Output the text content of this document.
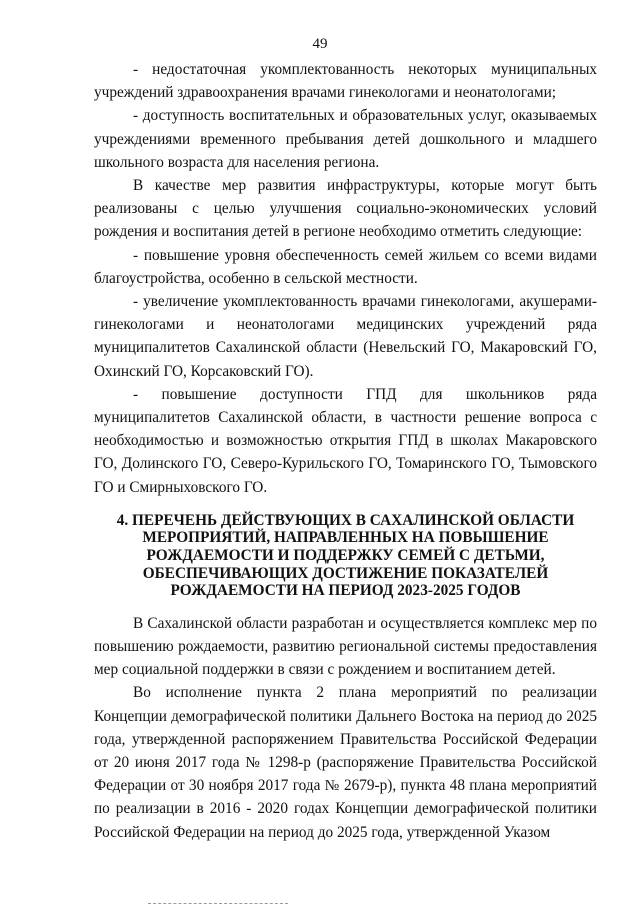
49

- недостаточная укомплектованность некоторых муниципальных учреждений здравоохранения врачами гинекологами и неонатологами;

- доступность воспитательных и образовательных услуг, оказываемых учреждениями временного пребывания детей дошкольного и младшего школьного возраста для населения региона.

В качестве мер развития инфраструктуры, которые могут быть реализованы с целью улучшения социально-экономических условий рождения и воспитания детей в регионе необходимо отметить следующие:

- повышение уровня обеспеченность семей жильем со всеми видами благоустройства, особенно в сельской местности.

- увеличение укомплектованность врачами гинекологами, акушерами-гинекологами и неонатологами медицинских учреждений ряда муниципалитетов Сахалинской области (Невельский ГО, Макаровский ГО, Охинский ГО, Корсаковский ГО).

- повышение доступности ГПД для школьников ряда муниципалитетов Сахалинской области, в частности решение вопроса с необходимостью и возможностью открытия ГПД в школах Макаровского ГО, Долинского ГО, Северо-Курильского ГО, Томаринского ГО, Тымовского ГО и Смирныховского ГО.

4. ПЕРЕЧЕНЬ ДЕЙСТВУЮЩИХ В САХАЛИНСКОЙ ОБЛАСТИ МЕРОПРИЯТИЙ, НАПРАВЛЕННЫХ НА ПОВЫШЕНИЕ РОЖДАЕМОСТИ И ПОДДЕРЖКУ СЕМЕЙ С ДЕТЬМИ, ОБЕСПЕЧИВАЮЩИХ ДОСТИЖЕНИЕ ПОКАЗАТЕЛЕЙ РОЖДАЕМОСТИ НА ПЕРИОД 2023-2025 ГОДОВ

В Сахалинской области разработан и осуществляется комплекс мер по повышению рождаемости, развитию региональной системы предоставления мер социальной поддержки в связи с рождением и воспитанием детей.

Во исполнение пункта 2 плана мероприятий по реализации Концепции демографической политики Дальнего Востока на период до 2025 года, утвержденной распоряжением Правительства Российской Федерации от 20 июня 2017 года № 1298-р (распоряжение Правительства Российской Федерации от 30 ноября 2017 года № 2679-р), пункта 48 плана мероприятий по реализации в 2016 - 2020 годах Концепции демографической политики Российской Федерации на период до 2025 года, утвержденной Указом
